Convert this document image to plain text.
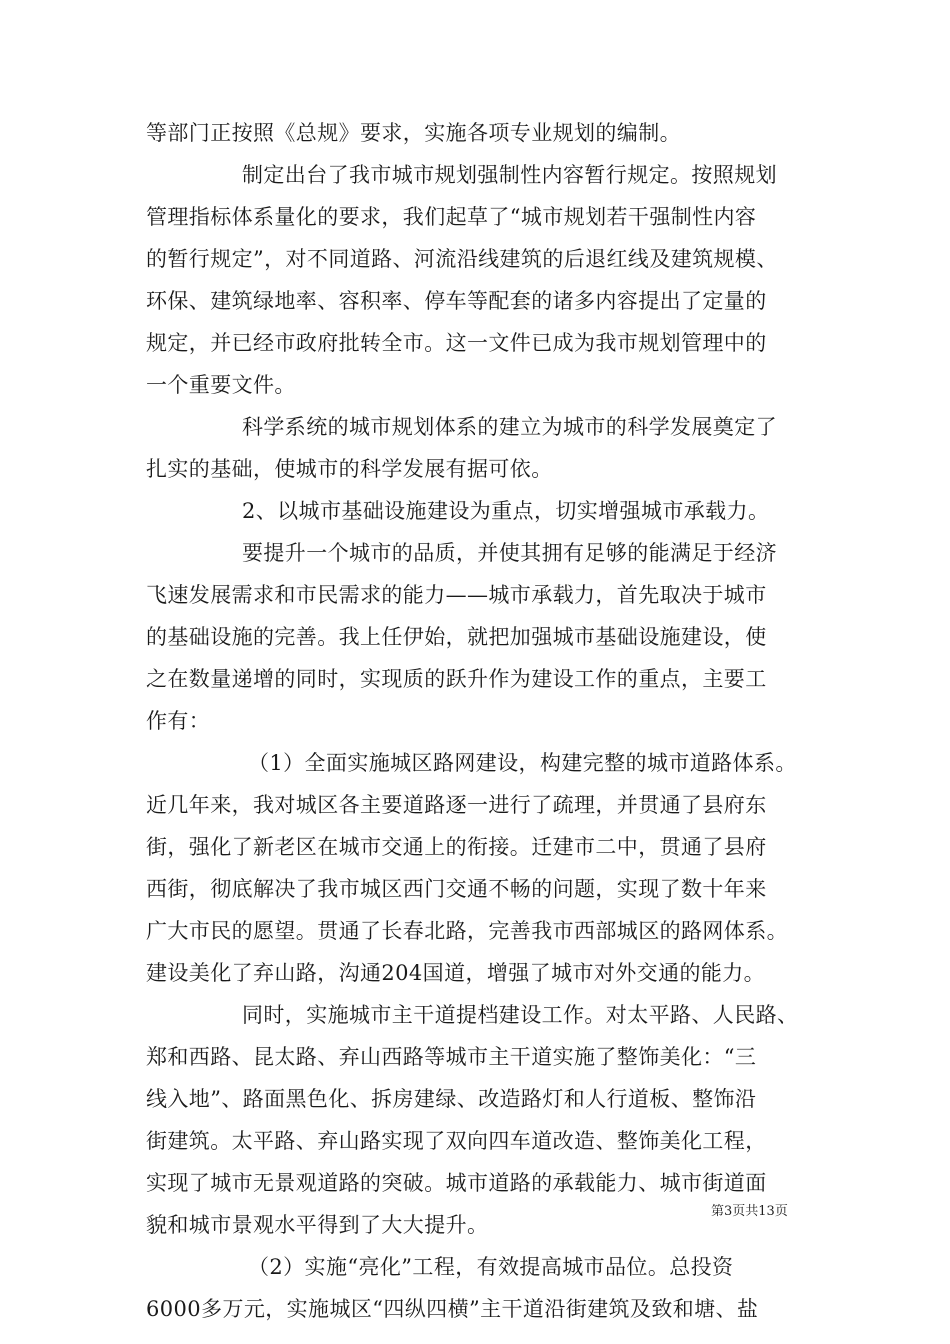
等部门正按照《总规》要求，实施各项专业规划的编制。
制定出台了我市城市规划强制性内容暂行规定。按照规划
管理指标体系量化的要求，我们起草了“城市规划若干强制性内容
的暂行规定”，对不同道路、河流沿线建筑的后退红线及建筑规模、
环保、建筑绿地率、容积率、停车等配套的诸多内容提出了定量的
规定，并已经市政府批转全市。这一文件已成为我市规划管理中的
一个重要文件。
科学系统的城市规划体系的建立为城市的科学发展奠定了
扎实的基础，使城市的科学发展有据可依。
2、以城市基础设施建设为重点，切实增强城市承载力。
要提升一个城市的品质，并使其拥有足够的能满足于经济
飞速发展需求和市民需求的能力——城市承载力，首先取决于城市
的基础设施的完善。我上任伊始，就把加强城市基础设施建设，使
之在数量递增的同时，实现质的跃升作为建设工作的重点，主要工
作有：
（1）全面实施城区路网建设，构建完整的城市道路体系。
近几年来，我对城区各主要道路逐一进行了疏理，并贯通了县府东
街，强化了新老区在城市交通上的衔接。迁建市二中，贯通了县府
西街，彻底解决了我市城区西门交通不畅的问题，实现了数十年来
广大市民的愿望。贯通了长春北路，完善我市西部城区的路网体系。
建设美化了弃山路，沟通204国道，增强了城市对外交通的能力。
同时，实施城市主干道提档建设工作。对太平路、人民路、
郑和西路、昆太路、弃山西路等城市主干道实施了整饰美化：“三
线入地”、路面黑色化、拆房建绿、改造路灯和人行道板、整饰沿
街建筑。太平路、弃山路实现了双向四车道改造、整饰美化工程，
实现了城市无景观道路的突破。城市道路的承载能力、城市街道面
貌和城市景观水平得到了大大提升。
（2）实施“亮化”工程，有效提高城市品位。总投资
6000多万元，实施城区“四纵四横”主干道沿街建筑及致和塘、盐
第3页共13页
